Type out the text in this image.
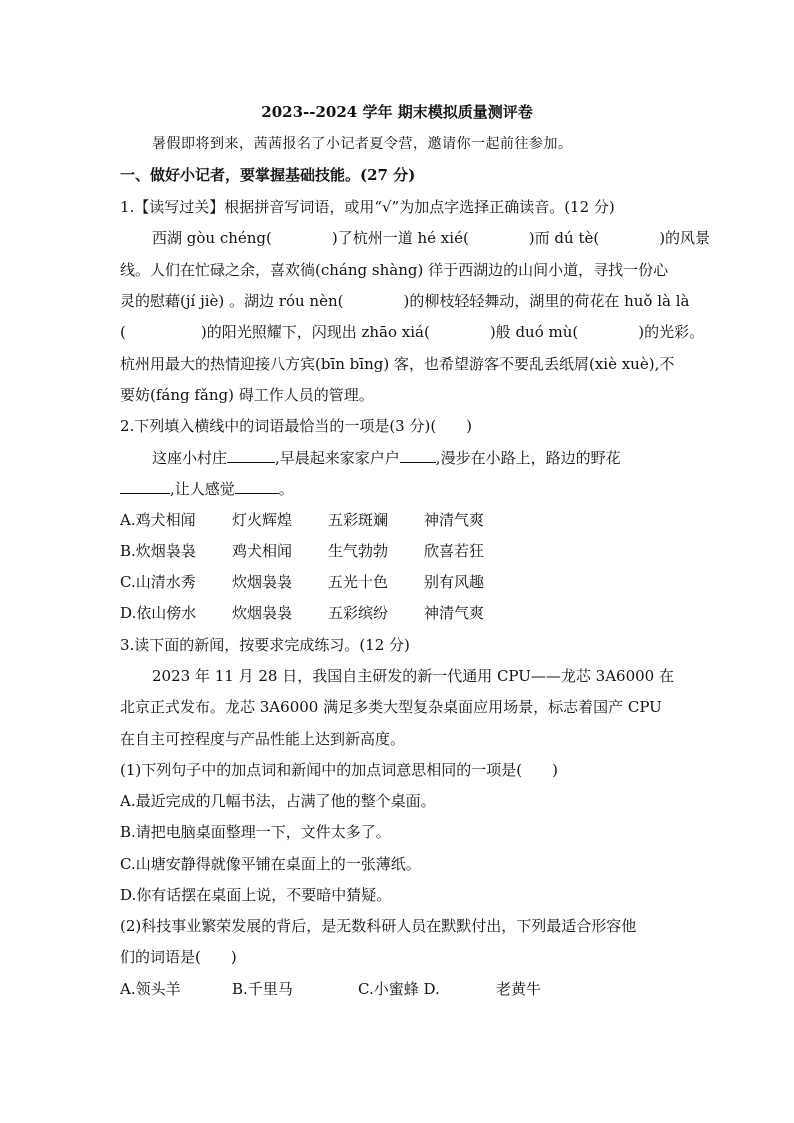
2023--2024 学年 期末模拟质量测评卷
暑假即将到来，茜茜报名了小记者夏令营，邀请你一起前往参加。
一、做好小记者，要掌握基础技能。(27 分)
1.【读写过关】根据拼音写词语，或用“√”为加点字选择正确读音。(12 分)
西湖 gòu chéng(　　　　)了杭州一道 hé xié(　　　　)而 dú tè(　　　　)的风景
线。人们在忙碌之余，喜欢徜(cháng shàng) 徉于西湖边的山间小道，寻找一份心
灵的慰藉(jí jiè) 。湖边 róu nèn(　　　　)的柳枝轻轻舞动，湖里的荷花在 huǒ là là
(　　　　　)的阳光照耀下，闪现出 zhāo xiá(　　　　)般 duó mù(　　　　)的光彩。
杭州用最大的热情迎接八方宾(bīn bīng) 客，也希望游客不要乱丢纸屑(xiè xuè),不
要妨(fáng fǎng) 碍工作人员的管理。
2.下列填入横线中的词语最恰当的一项是(3 分)(　　)
这座小村庄	,早晨起来家家户户 ,漫步在小路上，路边的野花
,让人感觉	。
A.鸡犬相闻 灯火辉煌 五彩斑斓 神清气爽
B.炊烟袅袅 鸡犬相闻 生气勃勃 欣喜若狂
C.山清水秀 炊烟袅袅 五光十色 别有风趣
D.依山傍水 炊烟袅袅 五彩缤纷 神清气爽
3.读下面的新闻，按要求完成练习。(12 分)
2023 年 11 月 28 日，我国自主研发的新一代通用 CPU——龙芯 3A6000 在
北京正式发布。龙芯 3A6000 满足多类大型复杂桌面应用场景，标志着国产 CPU
在自主可控程度与产品性能上达到新高度。
(1)下列句子中的加点词和新闻中的加点词意思相同的一项是(　　)
A.最近完成的几幅书法，占满了他的整个桌面。
B.请把电脑桌面整理一下，文件太多了。
C.山塘安静得就像平铺在桌面上的一张薄纸。
D.你有话摆在桌面上说，不要暗中猜疑。
(2)科技事业繁荣发展的背后，是无数科研人员在默默付出，下列最适合形容他
们的词语是(　　)
A.领头羊	B.千里马	C.小蜜蜂 D.	老黄牛
